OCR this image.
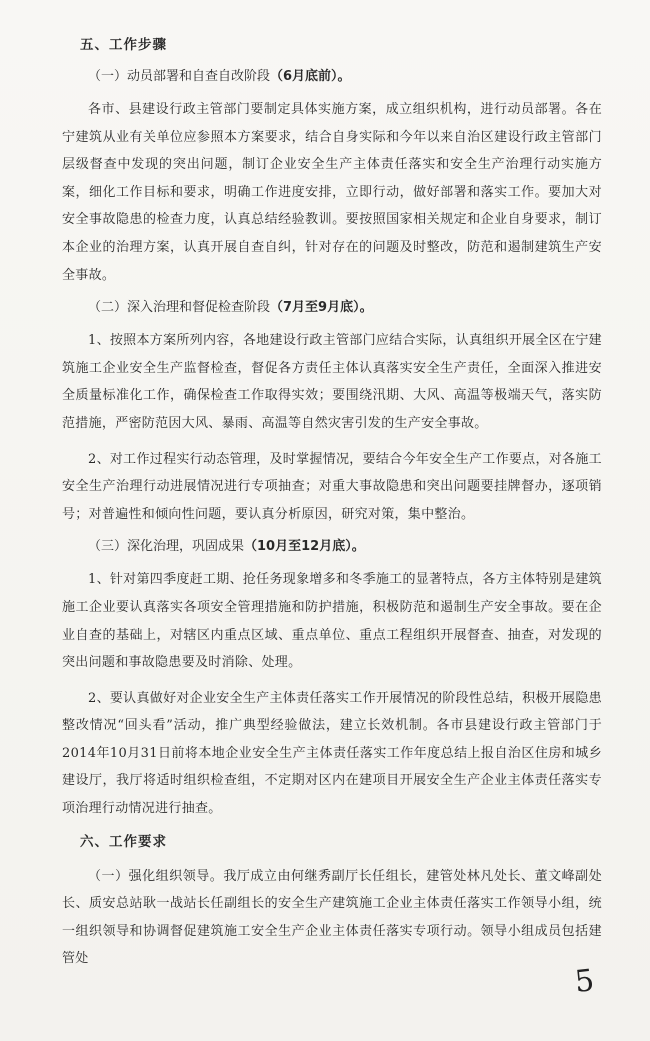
五、工作步骤
（一）动员部署和自查自改阶段（6月底前）。

各市、县建设行政主管部门要制定具体实施方案，成立组织机构，进行动员部署。各在宁建筑从业有关单位应参照本方案要求，结合自身实际和今年以来自治区建设行政主管部门层级督查中发现的突出问题，制订企业安全生产主体责任落实和安全生产治理行动实施方案，细化工作目标和要求，明确工作进度安排，立即行动，做好部署和落实工作。要加大对安全事故隐患的检查力度，认真总结经验教训。要按照国家相关规定和企业自身要求，制订本企业的治理方案，认真开展自查自纠，针对存在的问题及时整改，防范和遏制建筑生产安全事故。

（二）深入治理和督促检查阶段（7月至9月底）。

1、按照本方案所列内容，各地建设行政主管部门应结合实际，认真组织开展全区在宁建筑施工企业安全生产监督检查，督促各方责任主体认真落实安全生产责任，全面深入推进安全质量标准化工作，确保检查工作取得实效；要围绕汛期、大风、高温等极端天气，落实防范措施，严密防范因大风、暴雨、高温等自然灾害引发的生产安全事故。

2、对工作过程实行动态管理，及时掌握情况，要结合今年安全生产工作要点，对各施工安全生产治理行动进展情况进行专项抽查；对重大事故隐患和突出问题要挂牌督办，逐项销号；对普遍性和倾向性问题，要认真分析原因，研究对策，集中整治。

（三）深化治理，巩固成果（10月至12月底）。

1、针对第四季度赶工期、抢任务现象增多和冬季施工的显著特点，各方主体特别是建筑施工企业要认真落实各项安全管理措施和防护措施，积极防范和遏制生产安全事故。要在企业自查的基础上，对辖区内重点区域、重点单位、重点工程组织开展督查、抽查，对发现的突出问题和事故隐患要及时消除、处理。

2、要认真做好对企业安全生产主体责任落实工作开展情况的阶段性总结，积极开展隐患整改情况“回头看”活动，推广典型经验做法，建立长效机制。各市县建设行政主管部门于2014年10月31日前将本地企业安全生产主体责任落实工作年度总结上报自治区住房和城乡建设厅，我厅将适时组织检查组，不定期对区内在建项目开展安全生产企业主体责任落实专项治理行动情况进行抽查。

六、工作要求

（一）强化组织领导。我厅成立由何继秀副厅长任组长，建管处林凡处长、董文峰副处长、质安总站耿一战站长任副组长的安全生产建筑施工企业主体责任落实工作领导小组，统一组织领导和协调督促建筑施工安全生产企业主体责任落实专项行动。领导小组成员包括建管处

5
